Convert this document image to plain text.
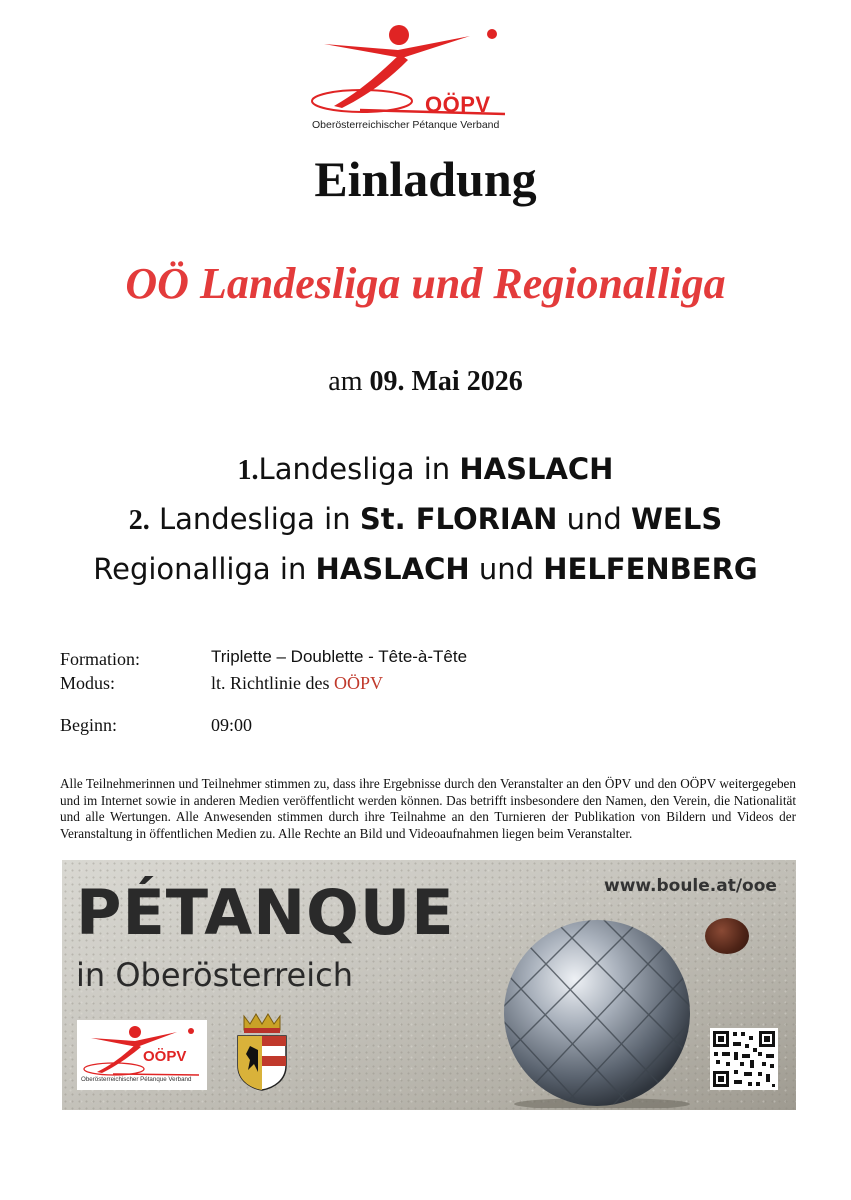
OÖPV
Oberösterreichischer Pétanque Verband
Einladung
OÖ Landesliga und Regionalliga
am 09. Mai 2026
1.Landesliga in HASLACH
2. Landesliga in St. FLORIAN und WELS
Regionalliga in HASLACH und HELFENBERG
Formation:	Triplette – Doublette - Tête-à-Tête
Modus:	lt. Richtlinie des OÖPV
Beginn:	09:00
Alle Teilnehmerinnen und Teilnehmer stimmen zu, dass ihre Ergebnisse durch den Veranstalter an den ÖPV und den OÖPV weitergegeben und im Internet sowie in anderen Medien veröffentlicht werden können. Das betrifft insbesondere den Namen, den Verein, die Nationalität und alle Wertungen. Alle Anwesenden stimmen durch ihre Teilnahme an den Turnieren der Publikation von Bildern und Videos der Veranstaltung in öffentlichen Medien zu. Alle Rechte an Bild und Videoaufnahmen liegen beim Veranstalter.
PÉTANQUE
in Oberösterreich
www.boule.at/ooe
OÖPV
Oberösterreichischer Pétanque Verband
